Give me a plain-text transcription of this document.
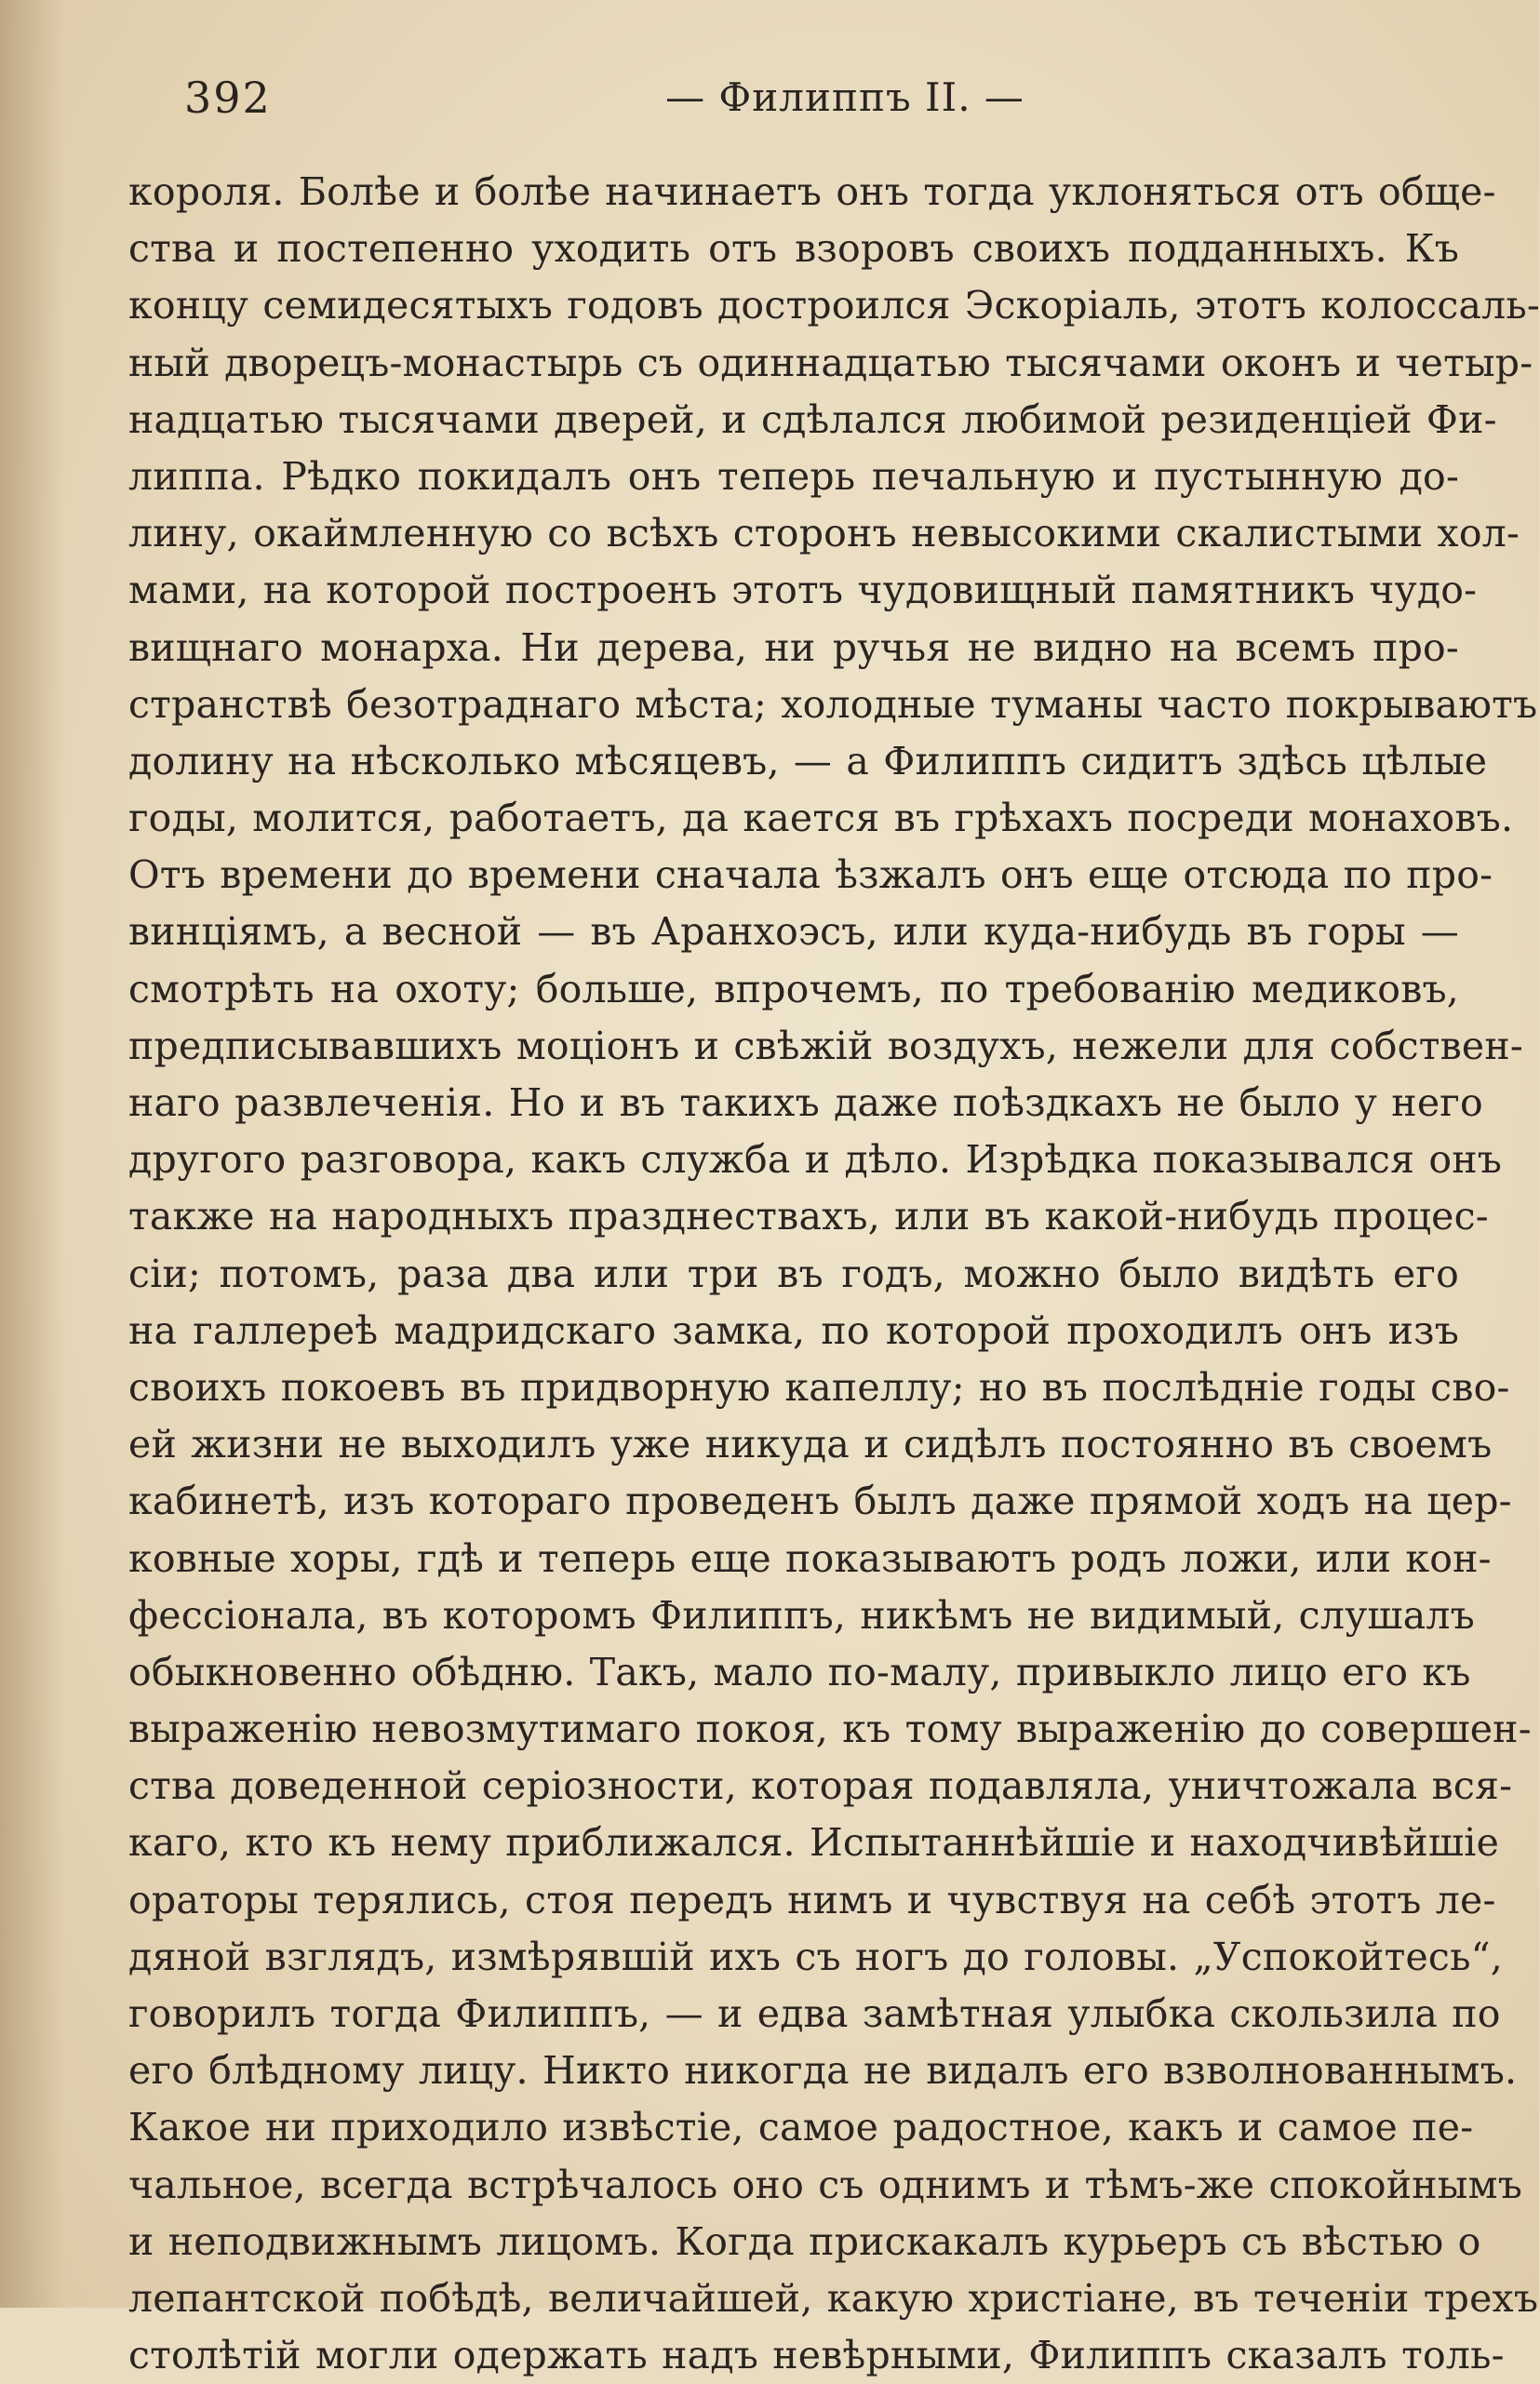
392	— Филиппъ II. —
короля. Болѣе и болѣе начинаетъ онъ тогда уклоняться отъ обще-
ства и постепенно уходить отъ взоровъ своихъ подданныхъ. Къ
концу семидесятыхъ годовъ достроился Эскоріаль, этотъ колоссаль-
ный дворецъ-монастырь съ одиннадцатью тысячами оконъ и четыр-
надцатью тысячами дверей, и сдѣлался любимой резиденціей Фи-
липпа. Рѣдко покидалъ онъ теперь печальную и пустынную до-
лину, окаймленную со всѣхъ сторонъ невысокими скалистыми хол-
мами, на которой построенъ этотъ чудовищный памятникъ чудо-
вищнаго монарха. Ни дерева, ни ручья не видно на всемъ про-
странствѣ безотраднаго мѣста; холодные туманы часто покрываютъ
долину на нѣсколько мѣсяцевъ, — а Филиппъ сидитъ здѣсь цѣлые
годы, молится, работаетъ, да кается въ грѣхахъ посреди монаховъ.
Отъ времени до времени сначала ѣзжалъ онъ еще отсюда по про-
винціямъ, а весной — въ Аранхоэсъ, или куда-нибудь въ горы —
смотрѣть на охоту; больше, впрочемъ, по требованію медиковъ,
предписывавшихъ моціонъ и свѣжій воздухъ, нежели для собствен-
наго развлеченія. Но и въ такихъ даже поѣздкахъ не было у него
другого разговора, какъ служба и дѣло. Изрѣдка показывался онъ
также на народныхъ празднествахъ, или въ какой-нибудь процес-
сіи; потомъ, раза два или три въ годъ, можно было видѣть его
на галлереѣ мадридскаго замка, по которой проходилъ онъ изъ
своихъ покоевъ въ придворную капеллу; но въ послѣдніе годы сво-
ей жизни не выходилъ уже никуда и сидѣлъ постоянно въ своемъ
кабинетѣ, изъ котораго проведенъ былъ даже прямой ходъ на цер-
ковные хоры, гдѣ и теперь еще показываютъ родъ ложи, или кон-
фессіонала, въ которомъ Филиппъ, никѣмъ не видимый, слушалъ
обыкновенно обѣдню. Такъ, мало по-малу, привыкло лицо его къ
выраженію невозмутимаго покоя, къ тому выраженію до совершен-
ства доведенной серіозности, которая подавляла, уничтожала вся-
каго, кто къ нему приближался. Испытаннѣйшіе и находчивѣйшіе
ораторы терялись, стоя передъ нимъ и чувствуя на себѣ этотъ ле-
дяной взглядъ, измѣрявшій ихъ съ ногъ до головы. „Успокойтесь“,
говорилъ тогда Филиппъ, — и едва замѣтная улыбка скользила по
его блѣдному лицу. Никто никогда не видалъ его взволнованнымъ.
Какое ни приходило извѣстіе, самое радостное, какъ и самое пе-
чальное, всегда встрѣчалось оно съ однимъ и тѣмъ-же спокойнымъ
и неподвижнымъ лицомъ. Когда прискакалъ курьеръ съ вѣстью о
лепантской побѣдѣ, величайшей, какую христіане, въ теченіи трехъ
столѣтій могли одержать надъ невѣрными, Филиппъ сказалъ толь-
